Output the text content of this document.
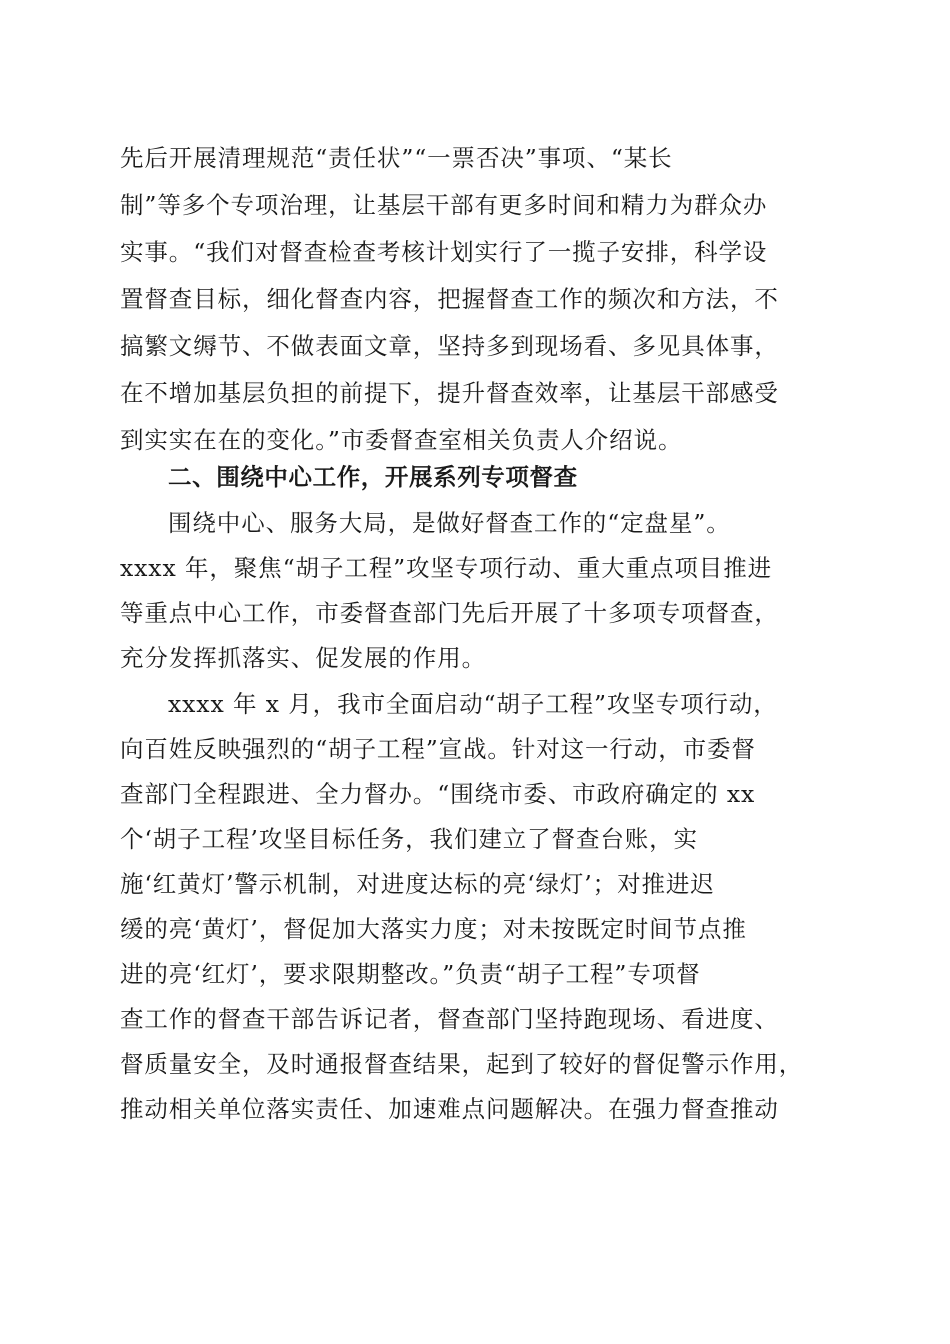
先后开展清理规范“责任状”“一票否决”事项、“某长
制”等多个专项治理，让基层干部有更多时间和精力为群众办
实事。“我们对督查检查考核计划实行了一揽子安排，科学设
置督查目标，细化督查内容，把握督查工作的频次和方法，不
搞繁文缛节、不做表面文章，坚持多到现场看、多见具体事，
在不增加基层负担的前提下，提升督查效率，让基层干部感受
到实实在在的变化。”市委督查室相关负责人介绍说。
二、围绕中心工作，开展系列专项督查
围绕中心、服务大局，是做好督查工作的“定盘星”。
xxxx 年，聚焦“胡子工程”攻坚专项行动、重大重点项目推进
等重点中心工作，市委督查部门先后开展了十多项专项督查，
充分发挥抓落实、促发展的作用。
xxxx 年 x 月，我市全面启动“胡子工程”攻坚专项行动，
向百姓反映强烈的“胡子工程”宣战。针对这一行动，市委督
查部门全程跟进、全力督办。“围绕市委、市政府确定的 xx
个‘胡子工程’攻坚目标任务，我们建立了督查台账，实
施‘红黄灯’警示机制，对进度达标的亮‘绿灯’；对推进迟
缓的亮‘黄灯’，督促加大落实力度；对未按既定时间节点推
进的亮‘红灯’，要求限期整改。”负责“胡子工程”专项督
查工作的督查干部告诉记者，督查部门坚持跑现场、看进度、
督质量安全，及时通报督查结果，起到了较好的督促警示作用，
推动相关单位落实责任、加速难点问题解决。在强力督查推动
